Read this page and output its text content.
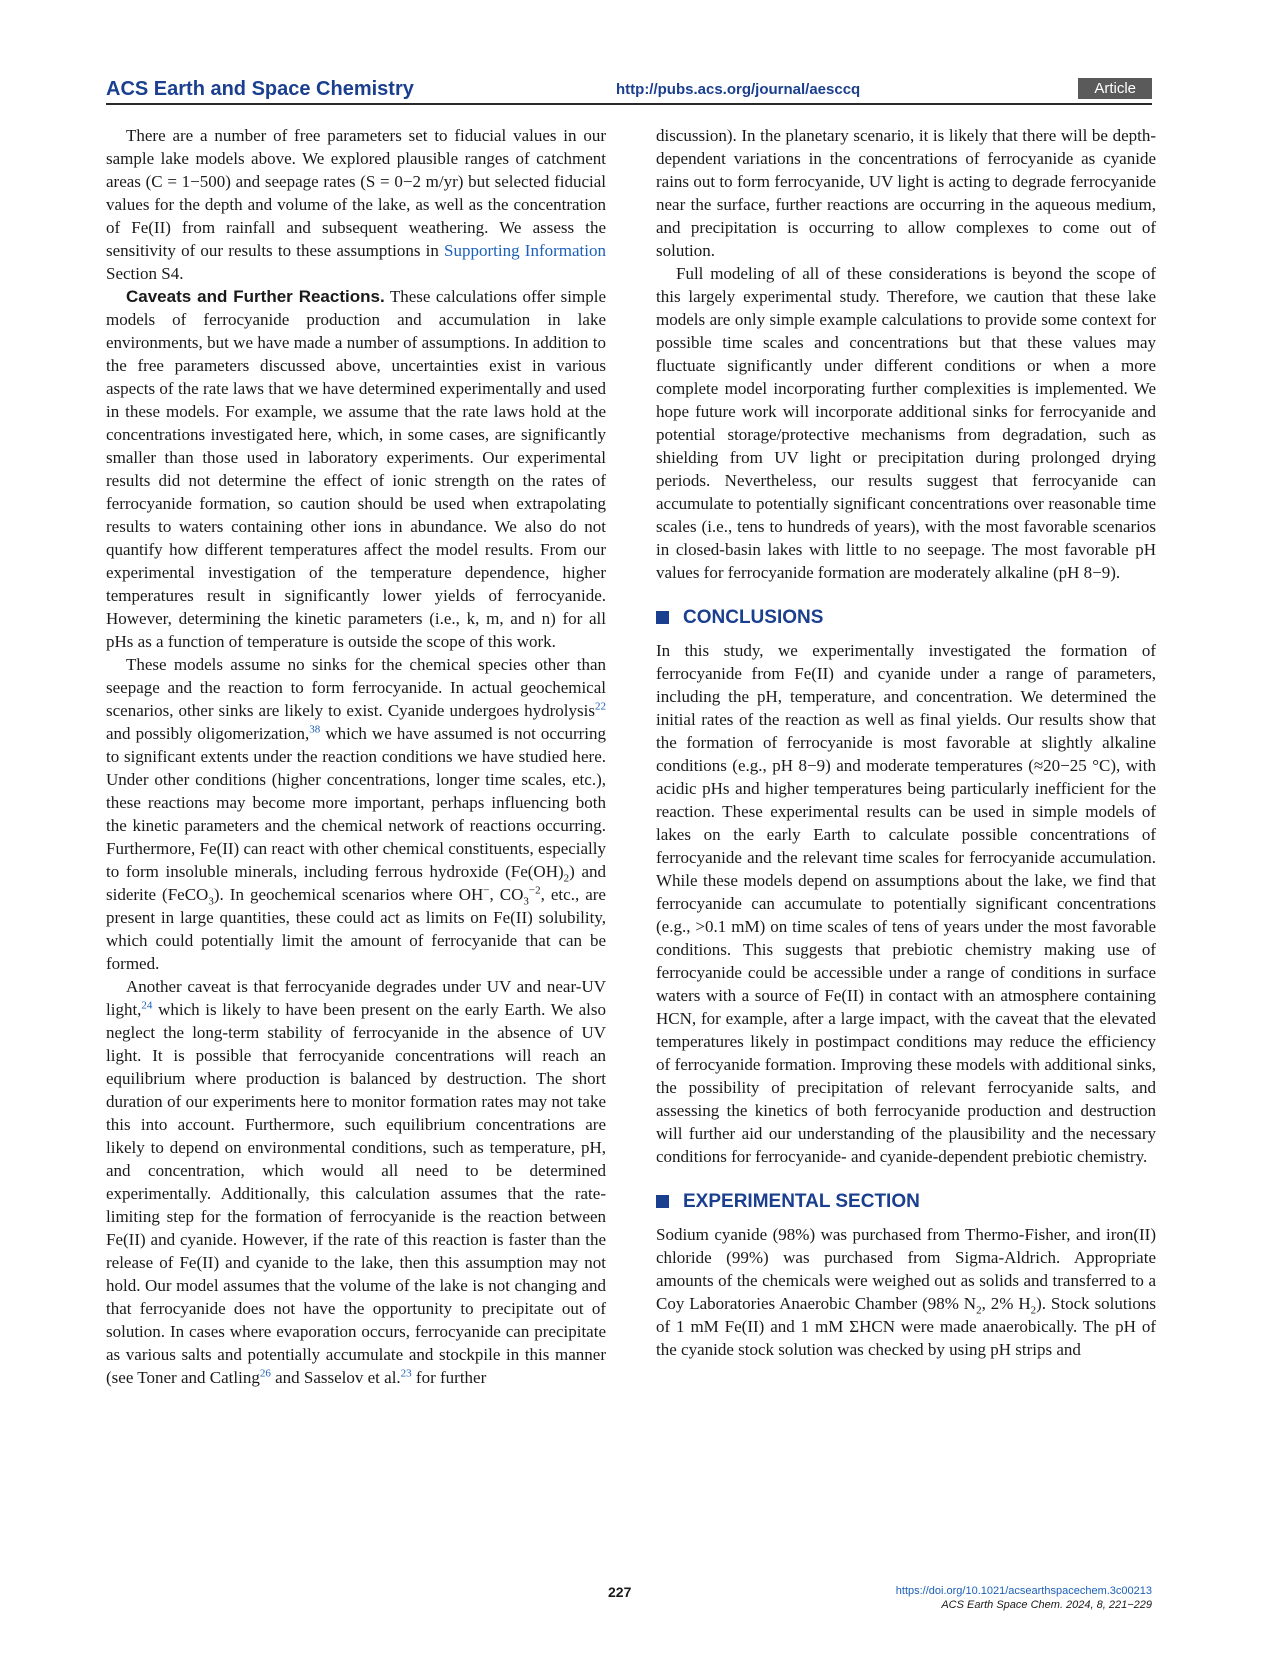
ACS Earth and Space Chemistry	http://pubs.acs.org/journal/aesccq	Article

There are a number of free parameters set to fiducial values in our sample lake models above. We explored plausible ranges of catchment areas (C = 1−500) and seepage rates (S = 0−2 m/yr) but selected fiducial values for the depth and volume of the lake, as well as the concentration of Fe(II) from rainfall and subsequent weathering. We assess the sensitivity of our results to these assumptions in Supporting Information Section S4.

Caveats and Further Reactions. These calculations offer simple models of ferrocyanide production and accumulation in lake environments, but we have made a number of assumptions. In addition to the free parameters discussed above, uncertainties exist in various aspects of the rate laws that we have determined experimentally and used in these models. For example, we assume that the rate laws hold at the concentrations investigated here, which, in some cases, are significantly smaller than those used in laboratory experiments. Our experimental results did not determine the effect of ionic strength on the rates of ferrocyanide formation, so caution should be used when extrapolating results to waters containing other ions in abundance. We also do not quantify how different temperatures affect the model results. From our experimental investigation of the temperature dependence, higher temperatures result in significantly lower yields of ferrocyanide. However, determining the kinetic parameters (i.e., k, m, and n) for all pHs as a function of temperature is outside the scope of this work.

These models assume no sinks for the chemical species other than seepage and the reaction to form ferrocyanide. In actual geochemical scenarios, other sinks are likely to exist. Cyanide undergoes hydrolysis$^{22}$ and possibly oligomerization,$^{38}$ which we have assumed is not occurring to significant extents under the reaction conditions we have studied here. Under other conditions (higher concentrations, longer time scales, etc.), these reactions may become more important, perhaps influencing both the kinetic parameters and the chemical network of reactions occurring. Furthermore, Fe(II) can react with other chemical constituents, especially to form insoluble minerals, including ferrous hydroxide $(Fe(OH)_2)$ and siderite (FeCO$_3$). In geochemical scenarios where OH−, $CO_3^{-2}$, etc., are present in large quantities, these could act as limits on Fe(II) solubility, which could potentially limit the amount of ferrocyanide that can be formed.

Another caveat is that ferrocyanide degrades under UV and near-UV light,$^{24}$ which is likely to have been present on the early Earth. We also neglect the long-term stability of ferrocyanide in the absence of UV light. It is possible that ferrocyanide concentrations will reach an equilibrium where production is balanced by destruction. The short duration of our experiments here to monitor formation rates may not take this into account. Furthermore, such equilibrium concentrations are likely to depend on environmental conditions, such as temperature, pH, and concentration, which would all need to be determined experimentally. Additionally, this calculation assumes that the rate-limiting step for the formation of ferrocyanide is the reaction between Fe(II) and cyanide. However, if the rate of this reaction is faster than the release of Fe(II) and cyanide to the lake, then this assumption may not hold. Our model assumes that the volume of the lake is not changing and that ferrocyanide does not have the opportunity to precipitate out of solution. In cases where evaporation occurs, ferrocyanide can precipitate as various salts and potentially accumulate and stockpile in this manner (see Toner and Catling$^{26}$ and Sasselov et al.$^{23}$ for further

discussion). In the planetary scenario, it is likely that there will be depth-dependent variations in the concentrations of ferrocyanide as cyanide rains out to form ferrocyanide, UV light is acting to degrade ferrocyanide near the surface, further reactions are occurring in the aqueous medium, and precipitation is occurring to allow complexes to come out of solution.

Full modeling of all of these considerations is beyond the scope of this largely experimental study. Therefore, we caution that these lake models are only simple example calculations to provide some context for possible time scales and concentrations but that these values may fluctuate significantly under different conditions or when a more complete model incorporating further complexities is implemented. We hope future work will incorporate additional sinks for ferrocyanide and potential storage/protective mechanisms from degradation, such as shielding from UV light or precipitation during prolonged drying periods. Nevertheless, our results suggest that ferrocyanide can accumulate to potentially significant concentrations over reasonable time scales (i.e., tens to hundreds of years), with the most favorable scenarios in closed-basin lakes with little to no seepage. The most favorable pH values for ferrocyanide formation are moderately alkaline (pH 8−9).

CONCLUSIONS

In this study, we experimentally investigated the formation of ferrocyanide from Fe(II) and cyanide under a range of parameters, including the pH, temperature, and concentration. We determined the initial rates of the reaction as well as final yields. Our results show that the formation of ferrocyanide is most favorable at slightly alkaline conditions (e.g., pH 8−9) and moderate temperatures (≈20−25 °C), with acidic pHs and higher temperatures being particularly inefficient for the reaction. These experimental results can be used in simple models of lakes on the early Earth to calculate possible concentrations of ferrocyanide and the relevant time scales for ferrocyanide accumulation. While these models depend on assumptions about the lake, we find that ferrocyanide can accumulate to potentially significant concentrations (e.g., >0.1 mM) on time scales of tens of years under the most favorable conditions. This suggests that prebiotic chemistry making use of ferrocyanide could be accessible under a range of conditions in surface waters with a source of Fe(II) in contact with an atmosphere containing HCN, for example, after a large impact, with the caveat that the elevated temperatures likely in postimpact conditions may reduce the efficiency of ferrocyanide formation. Improving these models with additional sinks, the possibility of precipitation of relevant ferrocyanide salts, and assessing the kinetics of both ferrocyanide production and destruction will further aid our understanding of the plausibility and the necessary conditions for ferrocyanide- and cyanide-dependent prebiotic chemistry.

EXPERIMENTAL SECTION

Sodium cyanide (98%) was purchased from Thermo-Fisher, and iron(II) chloride (99%) was purchased from Sigma-Aldrich. Appropriate amounts of the chemicals were weighed out as solids and transferred to a Coy Laboratories Anaerobic Chamber (98% $N_2$, 2% $H_2$). Stock solutions of 1 mM Fe(II) and 1 mM ΣHCN were made anaerobically. The pH of the cyanide stock solution was checked by using pH strips and

227	https://doi.org/10.1021/acsearthspacechem.3c00213
ACS Earth Space Chem. 2024, 8, 221−229
